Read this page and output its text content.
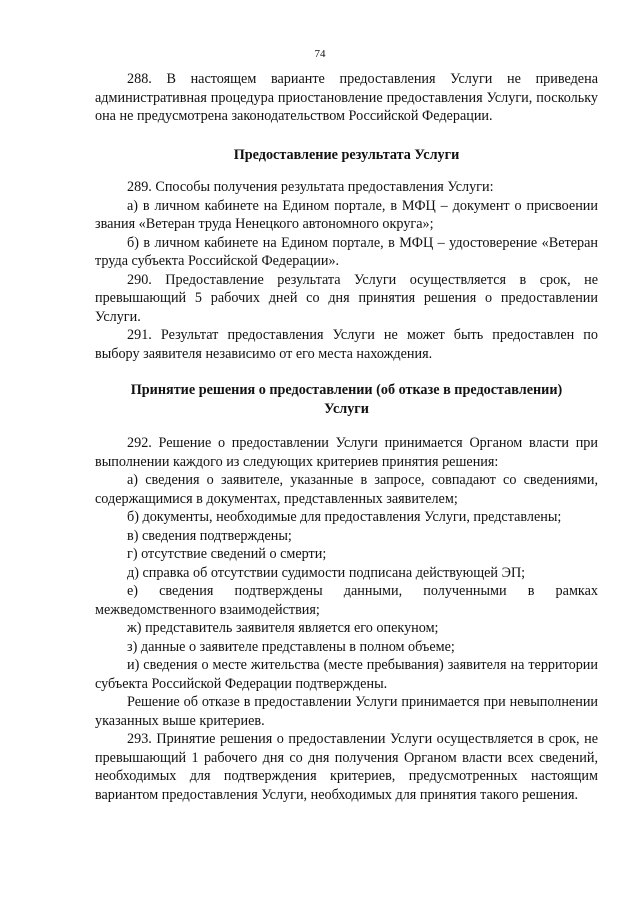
74

288. В настоящем варианте предоставления Услуги не приведена административная процедура приостановление предоставления Услуги, поскольку она не предусмотрена законодательством Российской Федерации.

Предоставление результата Услуги

289. Способы получения результата предоставления Услуги:

а) в личном кабинете на Едином портале, в МФЦ – документ о присвоении звания «Ветеран труда Ненецкого автономного округа»;

б) в личном кабинете на Едином портале, в МФЦ – удостоверение «Ветеран труда субъекта Российской Федерации».

290. Предоставление результата Услуги осуществляется в срок, не превышающий 5 рабочих дней со дня принятия решения о предоставлении Услуги.

291. Результат предоставления Услуги не может быть предоставлен по выбору заявителя независимо от его места нахождения.

Принятие решения о предоставлении (об отказе в предоставлении)
Услуги

292. Решение о предоставлении Услуги принимается Органом власти при выполнении каждого из следующих критериев принятия решения:

а) сведения о заявителе, указанные в запросе, совпадают со сведениями, содержащимися в документах, представленных заявителем;

б) документы, необходимые для предоставления Услуги, представлены;

в) сведения подтверждены;

г) отсутствие сведений о смерти;

д) справка об отсутствии судимости подписана действующей ЭП;

е) сведения подтверждены данными, полученными в рамках межведомственного взаимодействия;

ж) представитель заявителя является его опекуном;

з) данные о заявителе представлены в полном объеме;

и) сведения о месте жительства (месте пребывания) заявителя на территории субъекта Российской Федерации подтверждены.

Решение об отказе в предоставлении Услуги принимается при невыполнении указанных выше критериев.

293. Принятие решения о предоставлении Услуги осуществляется в срок, не превышающий 1 рабочего дня со дня получения Органом власти всех сведений, необходимых для подтверждения критериев, предусмотренных настоящим вариантом предоставления Услуги, необходимых для принятия такого решения.
